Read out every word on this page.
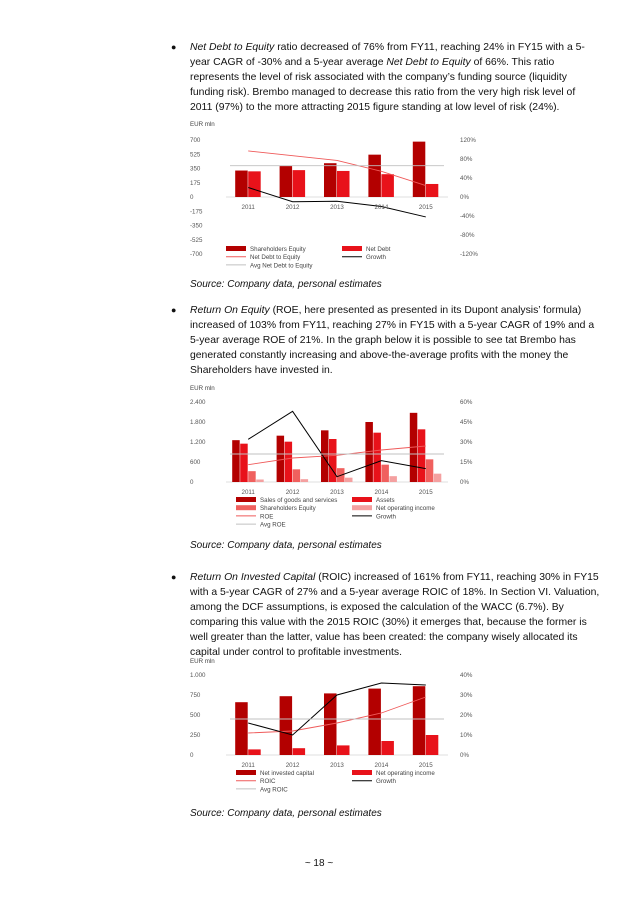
● Net Debt to Equity ratio decreased of 76% from FY11, reaching 24% in FY15 with a 5-year CAGR of -30% and a 5-year average Net Debt to Equity of 66%. This ratio represents the level of risk associated with the company’s funding source (liquidity funding risk). Brembo managed to decrease this ratio from the very high risk level of 2011 (97%) to the more attracting 2015 figure standing at low level of risk (24%).
EUR mln
700
525
350
175
0
-175
-350
-525
-700
120%
80%
40%
0%
-40%
-80%
-120%
2011	2012	2013	2014	2015
Shareholders Equity	Net Debt
Net Debt to Equity	Growth
Avg Net Debt to Equity
Source: Company data, personal estimates
● Return On Equity (ROE, here presented as presented in its Dupont analysis’ formula) increased of 103% from FY11, reaching 27% in FY15 with a 5-year CAGR of 19% and a 5-year average ROE of 21%. In the graph below it is possible to see tat Brembo has generated constantly increasing and above-the-average profits with the money the Shareholders have invested in.
EUR mln
2.400
1.800
1.200
600
0
60%
45%
30%
15%
0%
2011	2012	2013	2014	2015
Sales of goods and services	Assets
Shareholders Equity	Net operating income
ROE	Growth
Avg ROE
Source: Company data, personal estimates
● Return On Invested Capital (ROIC) increased of 161% from FY11, reaching 30% in FY15 with a 5-year CAGR of 27% and a 5-year average ROIC of 18%. In Section VI. Valuation, among the DCF assumptions, is exposed the calculation of the WACC (6.7%). By comparing this value with the 2015 ROIC (30%) it emerges that, because the former is well greater than the latter, value has been created: the company wisely allocated its capital under control to profitable investments.
EUR mln
1.000
750
500
250
0
40%
30%
20%
10%
0%
2011	2012	2013	2014	2015
Net invested capital	Net operating income
ROIC	Growth
Avg ROIC
Source: Company data, personal estimates
~ 18 ~
